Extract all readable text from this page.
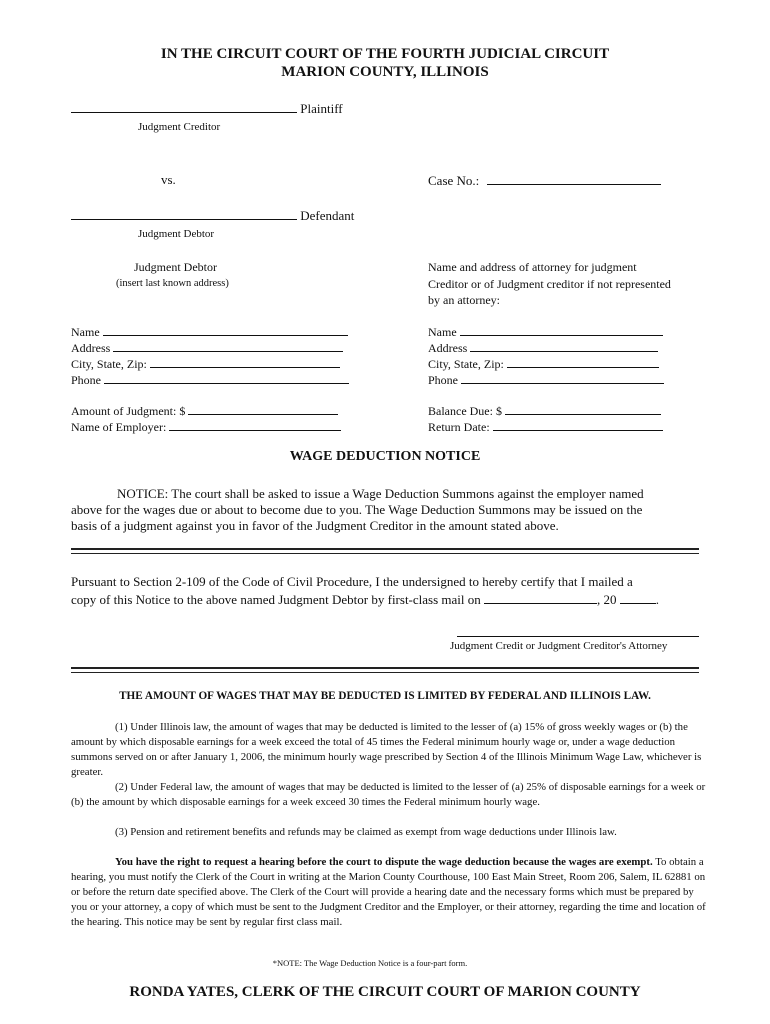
IN THE CIRCUIT COURT OF THE FOURTH JUDICIAL CIRCUIT
MARION COUNTY, ILLINOIS
Plaintiff
Judgment Creditor
vs.	Case No.:
Defendant
Judgment Debtor
Judgment Debtor
(insert last known address)
Name
Address
City, State, Zip:
Phone
Amount of Judgment: $
Name of Employer:
Name and address of attorney for judgment
Creditor or of Judgment creditor if not represented
by an attorney:
Name
Address
City, State, Zip:
Phone
Balance Due: $
Return Date:
WAGE DEDUCTION NOTICE
NOTICE: The court shall be asked to issue a Wage Deduction Summons against the employer named
above for the wages due or about to become due to you. The Wage Deduction Summons may be issued on the
basis of a judgment against you in favor of the Judgment Creditor in the amount stated above.
Pursuant to Section 2-109 of the Code of Civil Procedure, I the undersigned to hereby certify that I mailed a
copy of this Notice to the above named Judgment Debtor by first-class mail on	, 20	.
Judgment Credit or Judgment Creditor's Attorney
THE AMOUNT OF WAGES THAT MAY BE DEDUCTED IS LIMITED BY FEDERAL AND ILLINOIS LAW.
(1) Under Illinois law, the amount of wages that may be deducted is limited to the lesser of (a) 15% of gross weekly wages or (b) the amount by which disposable earnings for a week exceed the total of 45 times the Federal minimum hourly wage or, under a wage deduction summons served on or after January 1, 2006, the minimum hourly wage prescribed by Section 4 of the Illinois Minimum Wage Law, whichever is greater.
(2) Under Federal law, the amount of wages that may be deducted is limited to the lesser of (a) 25% of disposable earnings for a week or (b) the amount by which disposable earnings for a week exceed 30 times the Federal minimum hourly wage.
(3) Pension and retirement benefits and refunds may be claimed as exempt from wage deductions under Illinois law.
You have the right to request a hearing before the court to dispute the wage deduction because the wages are exempt. To obtain a hearing, you must notify the Clerk of the Court in writing at the Marion County Courthouse, 100 East Main Street, Room 206, Salem, IL 62881 on or before the return date specified above. The Clerk of the Court will provide a hearing date and the necessary forms which must be prepared by you or your attorney, a copy of which must be sent to the Judgment Creditor and the Employer, or their attorney, regarding the time and location of the hearing. This notice may be sent by regular first class mail.
*NOTE: The Wage Deduction Notice is a four-part form.
RONDA YATES, CLERK OF THE CIRCUIT COURT OF MARION COUNTY
